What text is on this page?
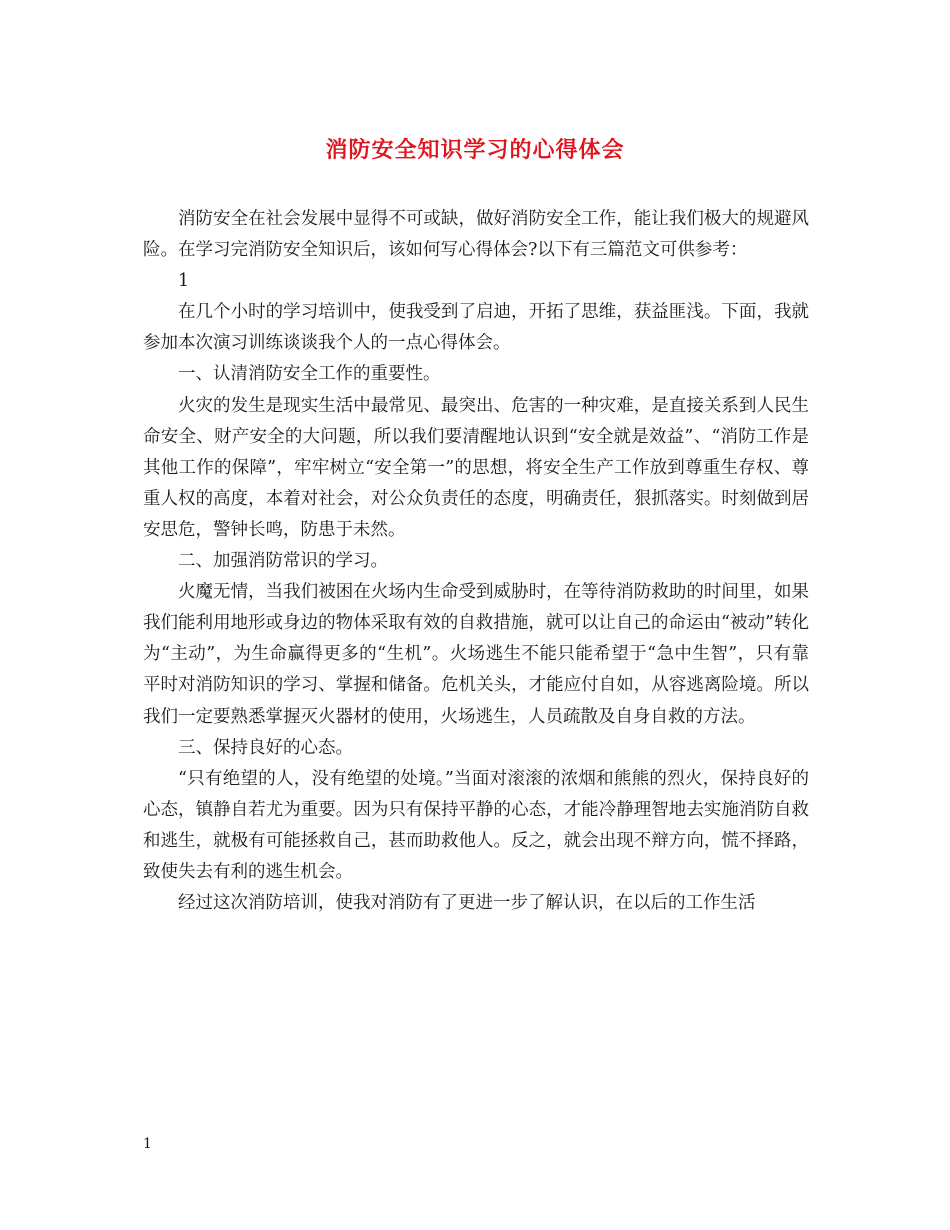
消防安全知识学习的心得体会

消防安全在社会发展中显得不可或缺，做好消防安全工作，能让我们极大的规避风险。在学习完消防安全知识后，该如何写心得体会?以下有三篇范文可供参考：

1

在几个小时的学习培训中，使我受到了启迪，开拓了思维，获益匪浅。下面，我就参加本次演习训练谈谈我个人的一点心得体会。

一、认清消防安全工作的重要性。

火灾的发生是现实生活中最常见、最突出、危害的一种灾难，是直接关系到人民生命安全、财产安全的大问题，所以我们要清醒地认识到“安全就是效益”、“消防工作是其他工作的保障”，牢牢树立“安全第一”的思想，将安全生产工作放到尊重生存权、尊重人权的高度，本着对社会，对公众负责任的态度，明确责任，狠抓落实。时刻做到居安思危，警钟长鸣，防患于未然。

二、加强消防常识的学习。

火魔无情，当我们被困在火场内生命受到威胁时，在等待消防救助的时间里，如果我们能利用地形或身边的物体采取有效的自救措施，就可以让自己的命运由“被动”转化为“主动”，为生命赢得更多的“生机”。火场逃生不能只能希望于“急中生智”，只有靠平时对消防知识的学习、掌握和储备。危机关头，才能应付自如，从容逃离险境。所以我们一定要熟悉掌握灭火器材的使用，火场逃生，人员疏散及自身自救的方法。

三、保持良好的心态。

“只有绝望的人，没有绝望的处境。”当面对滚滚的浓烟和熊熊的烈火，保持良好的心态，镇静自若尤为重要。因为只有保持平静的心态，才能冷静理智地去实施消防自救和逃生，就极有可能拯救自己，甚而助救他人。反之，就会出现不辩方向，慌不择路，致使失去有利的逃生机会。

经过这次消防培训，使我对消防有了更进一步了解认识，在以后的工作生活

1
